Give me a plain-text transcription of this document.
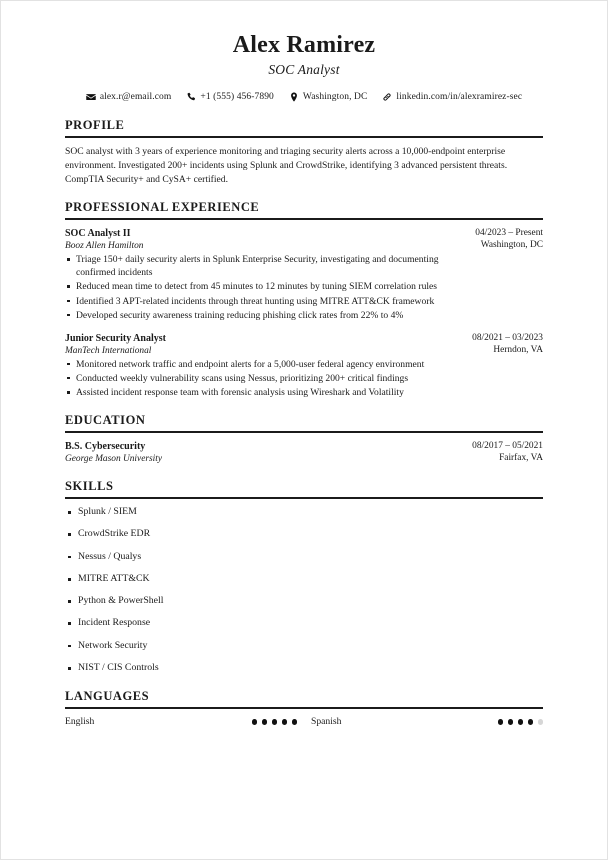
Alex Ramirez
SOC Analyst
alex.r@email.com	+1 (555) 456-7890	Washington, DC	linkedin.com/in/alexramirez-sec
PROFILE

SOC analyst with 3 years of experience monitoring and triaging security alerts across a 10,000-endpoint enterprise environment. Investigated 200+ incidents using Splunk and CrowdStrike, identifying 3 advanced persistent threats. CompTIA Security+ and CySA+ certified.

PROFESSIONAL EXPERIENCE
SOC Analyst II
Booz Allen Hamilton
04/2023 – Present
Washington, DC
Triage 150+ daily security alerts in Splunk Enterprise Security, investigating and documenting confirmed incidents
Reduced mean time to detect from 45 minutes to 12 minutes by tuning SIEM correlation rules
Identified 3 APT-related incidents through threat hunting using MITRE ATT&CK framework
Developed security awareness training reducing phishing click rates from 22% to 4%
Junior Security Analyst
ManTech International
08/2021 – 03/2023
Herndon, VA
Monitored network traffic and endpoint alerts for a 5,000-user federal agency environment
Conducted weekly vulnerability scans using Nessus, prioritizing 200+ critical findings
Assisted incident response team with forensic analysis using Wireshark and Volatility
EDUCATION
B.S. Cybersecurity
George Mason University
08/2017 – 05/2021
Fairfax, VA
SKILLS
Splunk / SIEM
CrowdStrike EDR
Nessus / Qualys
MITRE ATT&CK
Python & PowerShell
Incident Response
Network Security
NIST / CIS Controls
LANGUAGES
English	Spanish
